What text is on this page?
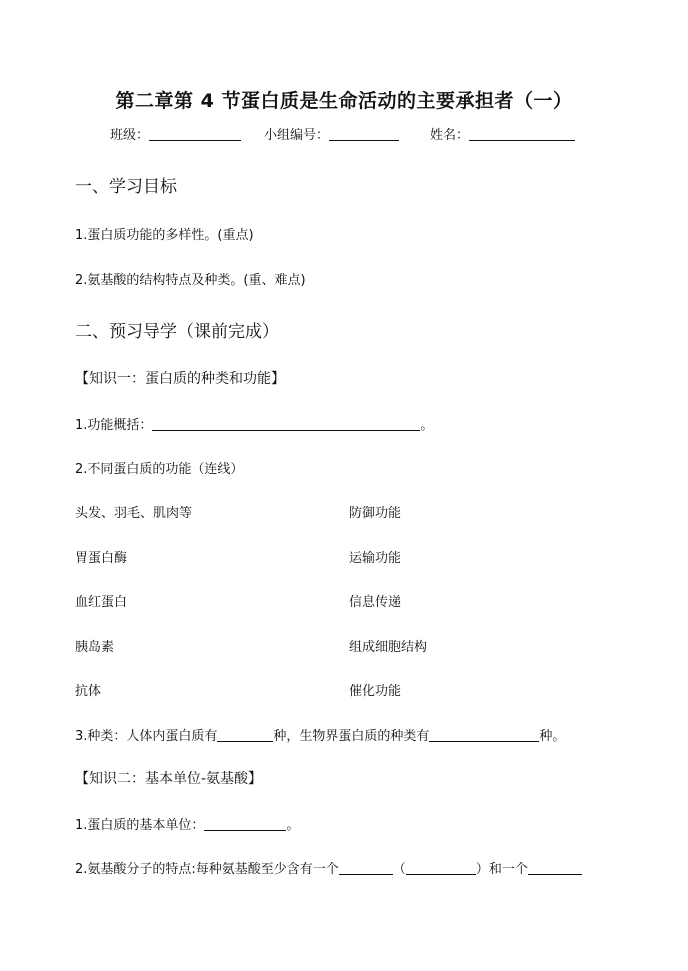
第二章第 4 节蛋白质是生命活动的主要承担者（一）
班级：	小组编号：	姓名：
一、学习目标
1.蛋白质功能的多样性。(重点)
2.氨基酸的结构特点及种类。(重、难点)
二、预习导学（课前完成）
【知识一：蛋白质的种类和功能】
1.功能概括：	。
2.不同蛋白质的功能（连线）
头发、羽毛、肌肉等	防御功能
胃蛋白酶	运输功能
血红蛋白	信息传递
胰岛素	组成细胞结构
抗体	催化功能
3.种类：人体内蛋白质有	种，生物界蛋白质的种类有	种。
【知识二：基本单位-氨基酸】
1.蛋白质的基本单位：	。
2.氨基酸分子的特点:每种氨基酸至少含有一个	（	）和一个
